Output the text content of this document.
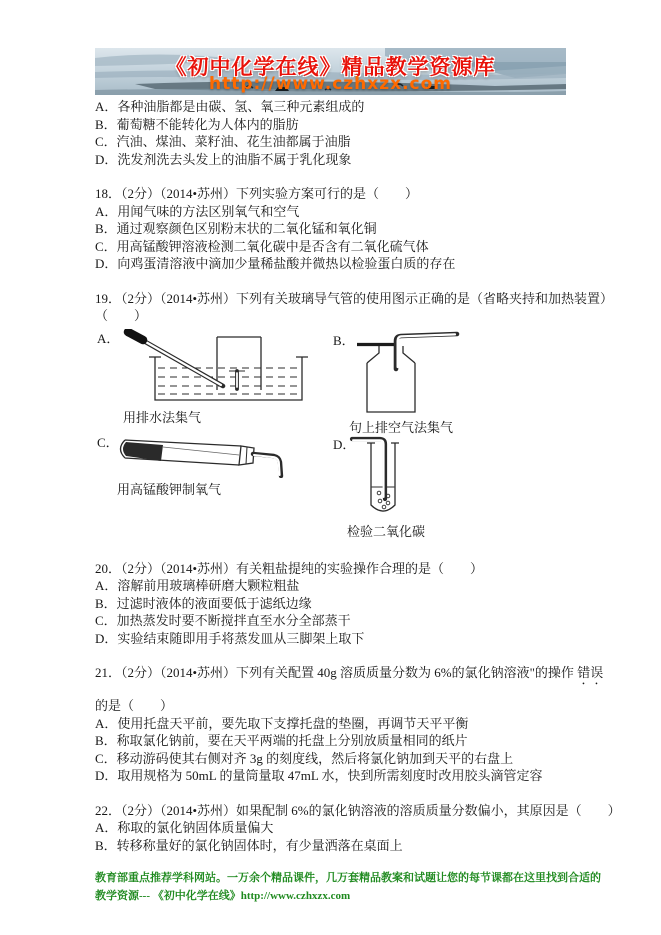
《初中化学在线》精品教学资源库
http://www.czhxzx.com
A．各种油脂都是由碳、氢、氧三种元素组成的
B．葡萄糖不能转化为人体内的脂肪
C．汽油、煤油、菜籽油、花生油都属于油脂
D．洗发剂洗去头发上的油脂不属于乳化现象
18．（2分）（2014•苏州）下列实验方案可行的是（　　）
A．用闻气味的方法区别氧气和空气
B．通过观察颜色区别粉末状的二氧化锰和氧化铜
C．用高锰酸钾溶液检测二氧化碳中是否含有二氧化硫气体
D．向鸡蛋清溶液中滴加少量稀盐酸并微热以检验蛋白质的存在
19．（2分）（2014•苏州）下列有关玻璃导气管的使用图示正确的是（省略夹持和加热装置）
（　　）
A．
用排水法集气
B．
句上排空气法集气
C．
用高锰酸钾制氧气
D．
检验二氧化碳
20．（2分）（2014•苏州）有关粗盐提纯的实验操作合理的是（　　）
A．溶解前用玻璃棒研磨大颗粒粗盐
B．过滤时液体的液面要低于滤纸边缘
C．加热蒸发时要不断搅拌直至水分全部蒸干
D．实验结束随即用手将蒸发皿从三脚架上取下
21．（2分）（2014•苏州）下列有关配置 40g 溶质质量分数为 6%的氯化钠溶液"的操作 错误
的是（　　）
A．使用托盘天平前，要先取下支撑托盘的垫圈，再调节天平平衡
B．称取氯化钠前，要在天平两端的托盘上分别放质量相同的纸片
C．移动游码使其右侧对齐 3g 的刻度线，然后将氯化钠加到天平的右盘上
D．取用规格为 50mL 的量筒量取 47mL 水，快到所需刻度时改用胶头滴管定容
22．（2分）（2014•苏州）如果配制 6%的氯化钠溶液的溶质质量分数偏小，其原因是（　　）
A．称取的氯化钠固体质量偏大
B．转移称量好的氯化钠固体时，有少量洒落在桌面上
教育部重点推荐学科网站。一万余个精品课件，几万套精品教案和试题让您的每节课都在这里找到合适的
教学资源--- 《初中化学在线》http://www.czhxzx.com
